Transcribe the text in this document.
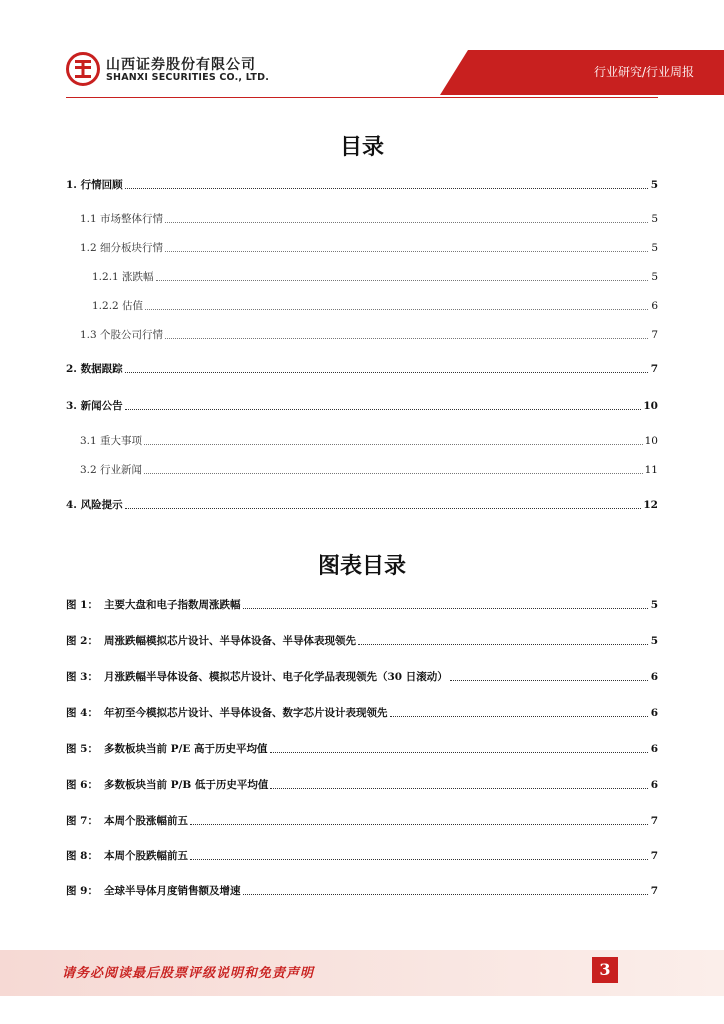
山西证券股份有限公司
SHANXI SECURITIES CO., LTD.	行业研究/行业周报
目录
1. 行情回顾	5
1.1 市场整体行情	5
1.2 细分板块行情	5
1.2.1 涨跌幅	5
1.2.2 估值	6
1.3 个股公司行情	7
2. 数据跟踪	7
3. 新闻公告	10
3.1 重大事项	10
3.2 行业新闻	11
4. 风险提示	12
图表目录
图 1： 主要大盘和电子指数周涨跌幅	5
图 2： 周涨跌幅模拟芯片设计、半导体设备、半导体表现领先	5
图 3： 月涨跌幅半导体设备、模拟芯片设计、电子化学品表现领先（30 日滚动）	6
图 4： 年初至今模拟芯片设计、半导体设备、数字芯片设计表现领先	6
图 5： 多数板块当前 P/E 高于历史平均值	6
图 6： 多数板块当前 P/B 低于历史平均值	6
图 7： 本周个股涨幅前五	7
图 8： 本周个股跌幅前五	7
图 9： 全球半导体月度销售额及增速	7
请务必阅读最后股票评级说明和免责声明	3
